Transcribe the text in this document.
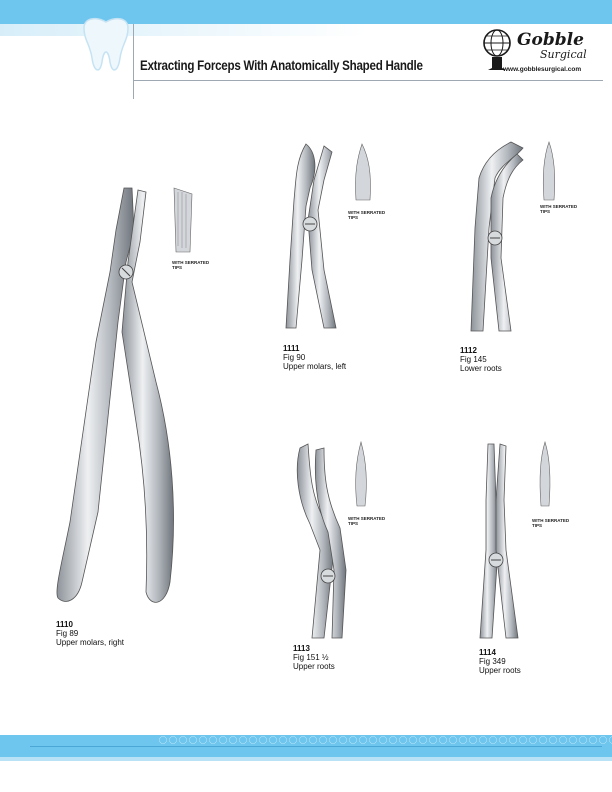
Extracting Forceps With Anatomically Shaped Handle
Gobble
Surgical
www.gobblesurgical.com
WITH SERRATED TIPS
1110
Fig 89
Upper molars, right
WITH SERRATED TIPS
1111
Fig 90
Upper molars, left
WITH SERRATED TIPS
1112
Fig 145
Lower roots
WITH SERRATED TIPS
1113
Fig 151 ½
Upper roots
WITH SERRATED TIPS
1114
Fig 349
Upper roots
